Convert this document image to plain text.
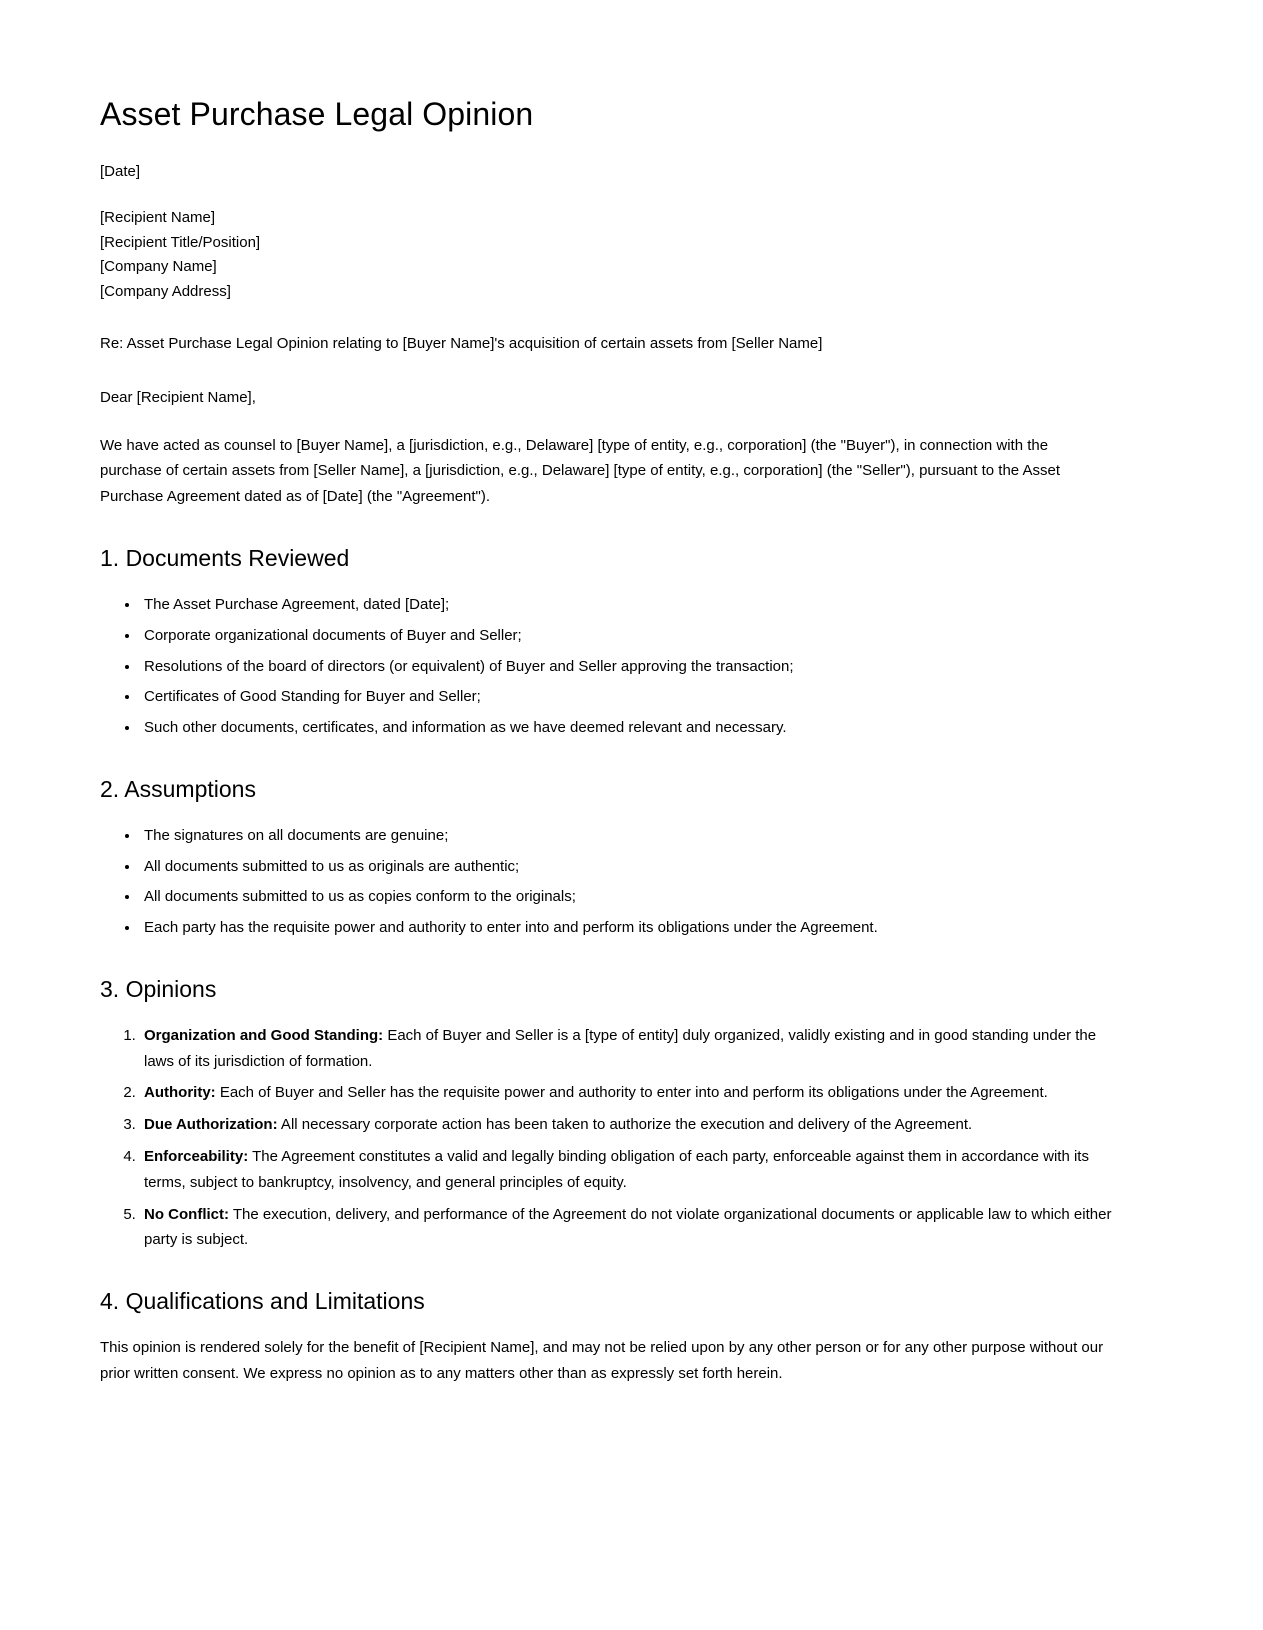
Asset Purchase Legal Opinion

[Date]

[Recipient Name]
[Recipient Title/Position]
[Company Name]
[Company Address]

Re: Asset Purchase Legal Opinion relating to [Buyer Name]'s acquisition of certain assets from [Seller Name]

Dear [Recipient Name],

We have acted as counsel to [Buyer Name], a [jurisdiction, e.g., Delaware] [type of entity, e.g., corporation] (the "Buyer"), in connection with the purchase of certain assets from [Seller Name], a [jurisdiction, e.g., Delaware] [type of entity, e.g., corporation] (the "Seller"), pursuant to the Asset Purchase Agreement dated as of [Date] (the "Agreement").

1. Documents Reviewed
• The Asset Purchase Agreement, dated [Date];
• Corporate organizational documents of Buyer and Seller;
• Resolutions of the board of directors (or equivalent) of Buyer and Seller approving the transaction;
• Certificates of Good Standing for Buyer and Seller;
• Such other documents, certificates, and information as we have deemed relevant and necessary.
2. Assumptions
• The signatures on all documents are genuine;
• All documents submitted to us as originals are authentic;
• All documents submitted to us as copies conform to the originals;
• Each party has the requisite power and authority to enter into and perform its obligations under the Agreement.
3. Opinions
1. Organization and Good Standing: Each of Buyer and Seller is a [type of entity] duly organized, validly existing and in good standing under the laws of its jurisdiction of formation.
2. Authority: Each of Buyer and Seller has the requisite power and authority to enter into and perform its obligations under the Agreement.
3. Due Authorization: All necessary corporate action has been taken to authorize the execution and delivery of the Agreement.
4. Enforceability: The Agreement constitutes a valid and legally binding obligation of each party, enforceable against them in accordance with its terms, subject to bankruptcy, insolvency, and general principles of equity.
5. No Conflict: The execution, delivery, and performance of the Agreement do not violate organizational documents or applicable law to which either party is subject.
4. Qualifications and Limitations

This opinion is rendered solely for the benefit of [Recipient Name], and may not be relied upon by any other person or for any other purpose without our prior written consent. We express no opinion as to any matters other than as expressly set forth herein.
